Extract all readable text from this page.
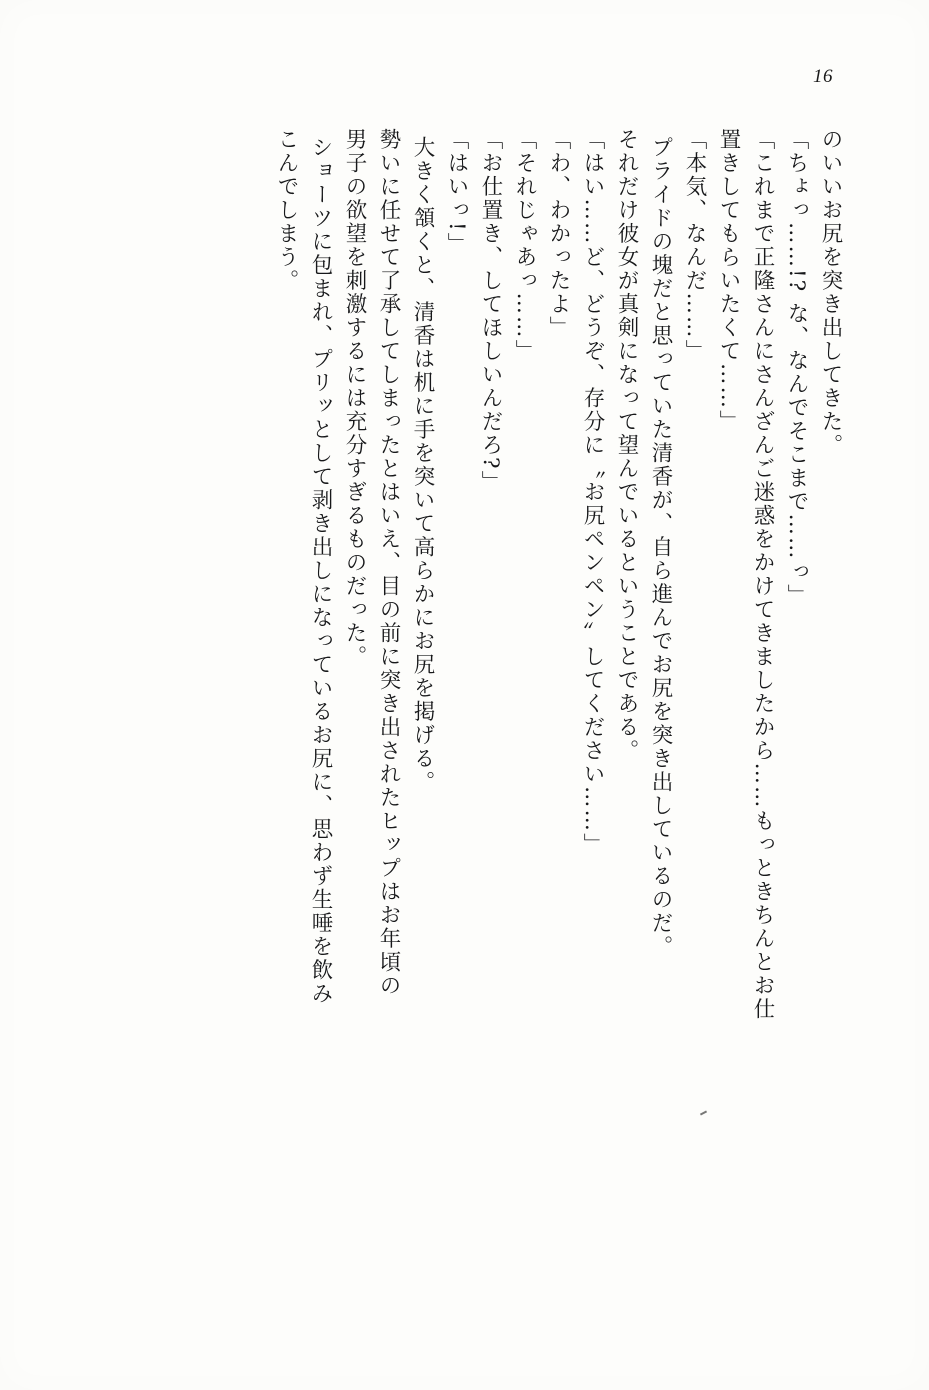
16
のいいお尻を突き出してきた。
「ちょっ……!? な、なんでそこまで……っ」
「これまで正隆さんにさんざんご迷惑をかけてきましたから……もっときちんとお仕
置きしてもらいたくて……」
「本気、なんだ……」
プライドの塊だと思っていた清香が、自ら進んでお尻を突き出しているのだ。
それだけ彼女が真剣になって望んでいるということである。
「はい……ど、どうぞ、存分に〝お尻ペンペン〟してください……」
「わ、わかったよ」
「それじゃあっ……」
「お仕置き、してほしいんだろ?」
「はいっ!」
大きく頷くと、清香は机に手を突いて高らかにお尻を掲げる。
勢いに任せて了承してしまったとはいえ、目の前に突き出されたヒップはお年頃の
男子の欲望を刺激するには充分すぎるものだった。
ショーツに包まれ、プリッとして剥き出しになっているお尻に、思わず生唾を飲み
こんでしまう。
